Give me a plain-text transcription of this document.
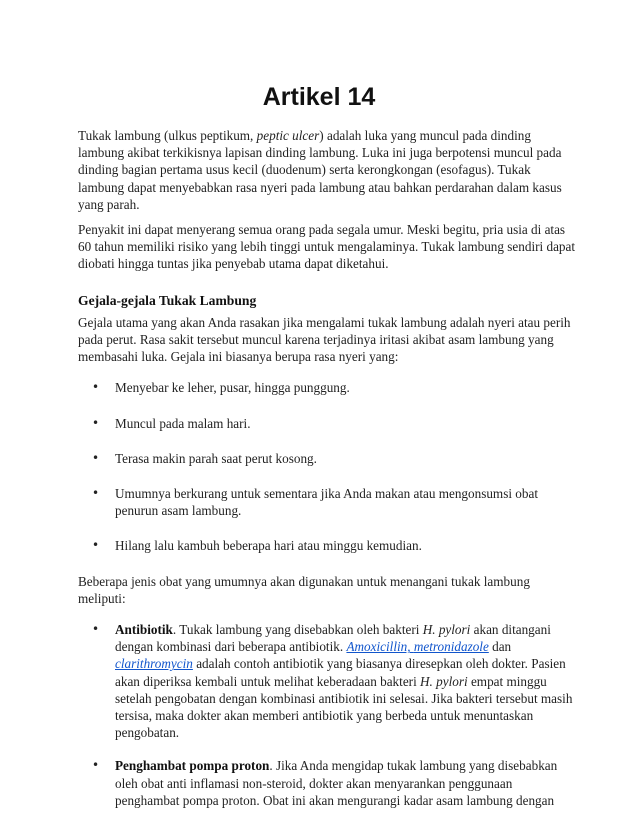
Artikel 14

Tukak lambung (ulkus peptikum, peptic ulcer) adalah luka yang muncul pada dinding lambung akibat terkikisnya lapisan dinding lambung. Luka ini juga berpotensi muncul pada dinding bagian pertama usus kecil (duodenum) serta kerongkongan (esofagus). Tukak lambung dapat menyebabkan rasa nyeri pada lambung atau bahkan perdarahan dalam kasus yang parah.

Penyakit ini dapat menyerang semua orang pada segala umur. Meski begitu, pria usia di atas 60 tahun memiliki risiko yang lebih tinggi untuk mengalaminya. Tukak lambung sendiri dapat diobati hingga tuntas jika penyebab utama dapat diketahui.

Gejala-gejala Tukak Lambung

Gejala utama yang akan Anda rasakan jika mengalami tukak lambung adalah nyeri atau perih pada perut. Rasa sakit tersebut muncul karena terjadinya iritasi akibat asam lambung yang membasahi luka. Gejala ini biasanya berupa rasa nyeri yang:

• Menyebar ke leher, pusar, hingga punggung.
• Muncul pada malam hari.
• Terasa makin parah saat perut kosong.
• Umumnya berkurang untuk sementara jika Anda makan atau mengonsumsi obat penurun asam lambung.
• Hilang lalu kambuh beberapa hari atau minggu kemudian.

Beberapa jenis obat yang umumnya akan digunakan untuk menangani tukak lambung meliputi:

• Antibiotik. Tukak lambung yang disebabkan oleh bakteri H. pylori akan ditangani dengan kombinasi dari beberapa antibiotik. Amoxicillin, metronidazole dan clarithromycin adalah contoh antibiotik yang biasanya diresepkan oleh dokter. Pasien akan diperiksa kembali untuk melihat keberadaan bakteri H. pylori empat minggu setelah pengobatan dengan kombinasi antibiotik ini selesai. Jika bakteri tersebut masih tersisa, maka dokter akan memberi antibiotik yang berbeda untuk menuntaskan pengobatan.
• Penghambat pompa proton. Jika Anda mengidap tukak lambung yang disebabkan oleh obat anti inflamasi non-steroid, dokter akan menyarankan penggunaan penghambat pompa proton. Obat ini akan mengurangi kadar asam lambung dengan
